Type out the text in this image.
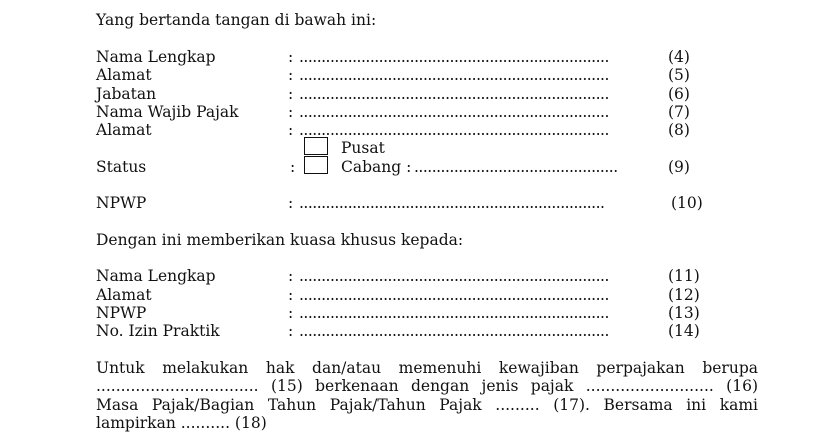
Yang bertanda tangan di bawah ini:
Nama Lengkap	: ......................................................................	(4)
Alamat	: ......................................................................	(5)
Jabatan	: ......................................................................	(6)
Nama Wajib Pajak	: ......................................................................	(7)
Alamat	: ......................................................................	(8)
Pusat
Status	:	Cabang : ..............................................	(9)
NPWP	: .....................................................................	(10)
Dengan ini memberikan kuasa khusus kepada:
Nama Lengkap	: ......................................................................	(11)
Alamat	: ......................................................................	(12)
NPWP	: ......................................................................	(13)
No. Izin Praktik	: ......................................................................	(14)
Untuk melakukan hak dan/atau memenuhi kewajiban perpajakan berupa
................................. (15) berkenaan dengan jenis pajak .......................... (16)
Masa Pajak/Bagian Tahun Pajak/Tahun Pajak ......... (17). Bersama ini kami
lampirkan .......... (18)
